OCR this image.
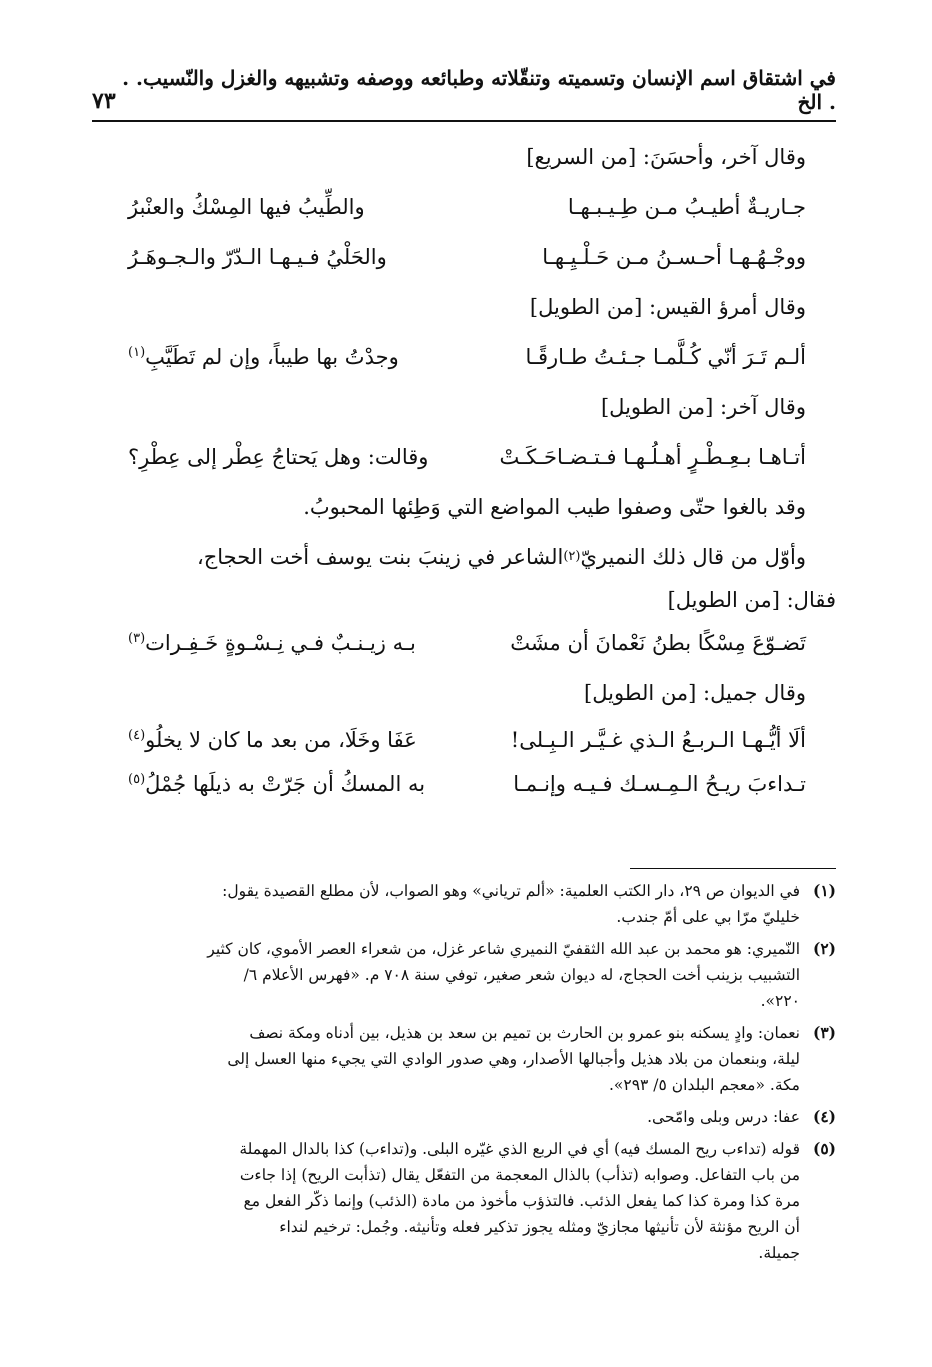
في اشتقاق اسم الإنسان وتسميته وتنقّلاته وطبائعه ووصفه وتشبيهه والغزل والنّسيب. . . الخ
٧٣
وقال آخر، وأحسَنَ: [من السريع]
جـاريـةٌ أطيـبُ مـن طِـيـبـهـا
والطِّيبُ فيها المِسْكُ والعنْبرُ
ووجْـهُـهـا أحـسـنُ مـن حَـلْـيِـهـا
والحَلْيُ فـيـهـا الـدّرّ والـجـوهَـرُ
وقال أمرؤ القيس: [من الطويل]
ألـم تَـرَ أنّي كُـلَّمـا جـئـتُ طـارقًـا
وجدْتُ بها طيباً، وإن لم تَطَيَّبِ$^{(١)}$
وقال آخر: [من الطويل]
أتـاهـا بـعِـطْـرٍ أهـلُـهـا فـتـضـاحَـكَـتْ
وقالت: وهل يَحتاجُ عِطْر إلى عِطْرِ؟
وقد بالغوا حتّى وصفوا طيب المواضع التي وَطِئها المحبوبُ.
وأوّل من قال ذلك النميريّ
(٢)
الشاعر في زينبَ بنت يوسف أخت الحجاج،
فقال: [من الطويل]
تَضـوّعَ مِسْكًا بطنُ نَعْمانَ أن مشَتْ
بـه زيـنـبٌ فـي نِـسْـوةٍ خَـفِـرات$^{(٣)}$
وقال جميل: [من الطويل]
ألَا أيُّـهـا الـربـعُ الـذي غـيَّـر الـبِـلى!
عَفَا وخَلَا، من بعد ما كان لا يخلُو$^{(٤)}$
تـداءبَ ريـحُ الـمِـسـك فـيـه وإنـمـا
به المسكُ أن جَرّتْ به ذيلَها جُمْلُ$^{(٥)}$
(١)
في الديوان ص ٢٩، دار الكتب العلمية: «ألم ترياني» وهو الصواب، لأن مطلع القصيدة يقول:
خليليّ مرّا بي على أمّ جندب.
(٢)
النّميري: هو محمد بن عبد الله الثقفيّ النميري شاعر غزل، من شعراء العصر الأموي، كان كثير
التشبيب بزينب أخت الحجاج، له ديوان شعر صغير، توفي سنة ٧٠٨ م. «فهرس الأعلام ٦/
٢٢٠».
(٣)
نعمان: وادٍ يسكنه بنو عمرو بن الحارث بن تميم بن سعد بن هذيل، بين أدناه ومكة نصف
ليلة، وبنعمان من بلاد هذيل وأجبالها الأصدار، وهي صدور الوادي التي يجيء منها العسل إلى
مكة. «معجم البلدان ٥/ ٢٩٣».
(٤)
عفا: درس وبلى وامّحى.
(٥)
قوله (تداءب ريح المسك فيه) أي في الربع الذي غيّره البلى. و(تداءب) كذا بالدال المهملة
من باب التفاعل. وصوابه (تذأب) بالذال المعجمة من التفعّل يقال (تذأبت الريح) إذا جاءت
مرة كذا ومرة كذا كما يفعل الذئب. فالتذؤب مأخوذ من مادة (الذئب) وإنما ذكّر الفعل مع
أن الريح مؤنثة لأن تأنيثها مجازيّ ومثله يجوز تذكير فعله وتأنيثه. وجُمل: ترخيم لنداء
جميلة.
